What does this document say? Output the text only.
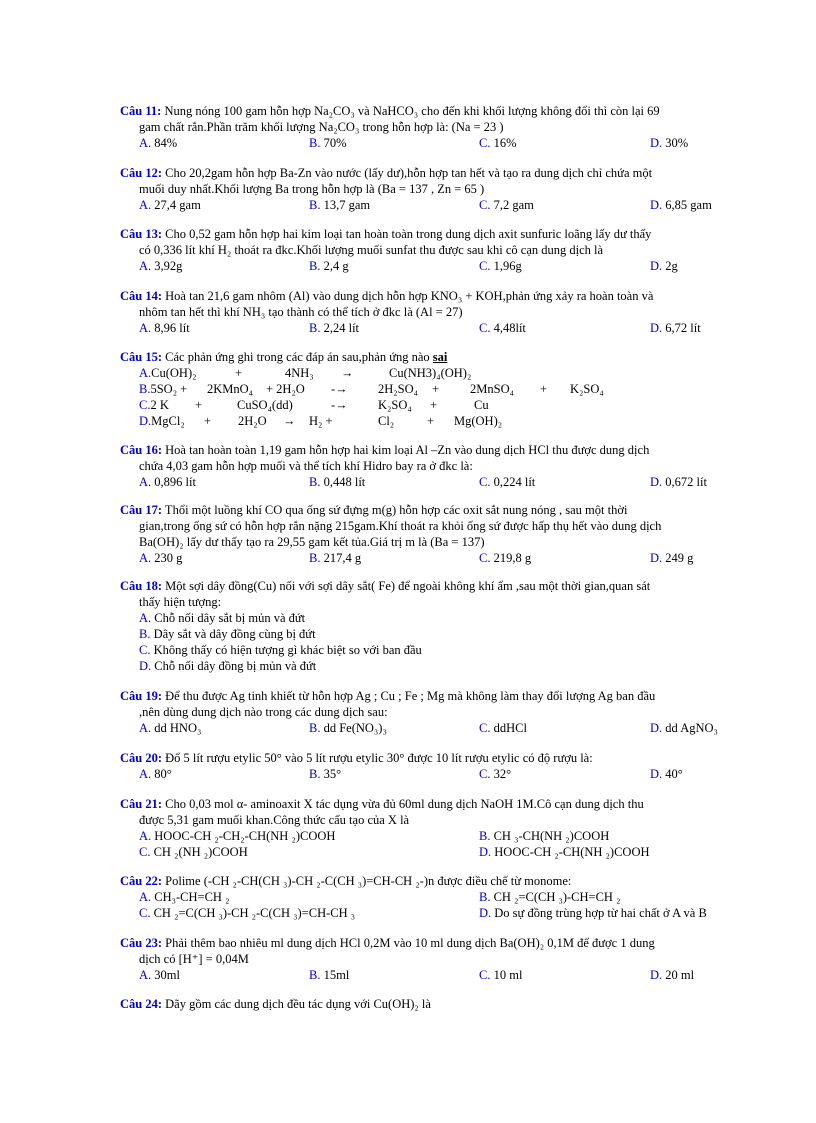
Câu 11: Nung nóng 100 gam hỗn hợp Na₂CO₃ và NaHCO₃ cho đến khi khối lượng không đổi thì còn lại 69
gam chất rắn.Phần trăm khối lượng Na₂CO₃ trong hỗn hợp là: (Na = 23 )
A. 84%	B. 70%	C. 16%	D. 30%
Câu 12: Cho 20,2gam hỗn hợp Ba-Zn vào nước (lấy dư),hỗn hợp tan hết và tạo ra dung dịch chỉ chứa một
muối duy nhất.Khối lượng Ba trong hỗn hợp là (Ba = 137 , Zn = 65 )
A. 27,4 gam	B. 13,7 gam	C. 7,2 gam	D. 6,85 gam
Câu 13: Cho 0,52 gam hỗn hợp hai kim loại tan hoàn toàn trong dung dịch axit sunfuric loãng lấy dư thấy
có 0,336 lít khí H₂ thoát ra đkc.Khối lượng muối sunfat thu được sau khi cô cạn dung dịch là
A. 3,92g	B. 2,4 g	C. 1,96g	D. 2g
Câu 14: Hoà tan 21,6 gam nhôm (Al) vào dung dịch hỗn hợp KNO₃ + KOH,phản ứng xảy ra hoàn toàn và
nhôm tan hết thì khí NH₃ tạo thành có thể tích ở đkc là (Al = 27)
A. 8,96 lít	B. 2,24 lít	C. 4,48lít	D. 6,72 lít
Câu 15: Các phản ứng ghi trong các đáp án sau,phản ứng nào sai
A.Cu(OH)₂	+	4NH₃ →	Cu(NH3)₄(OH)₂
B.5SO₂ + 2KMnO₄ + 2H₂O -→ 2H₂SO₄ + 2MnSO₄ + K₂SO₄
C.2 K +	CuSO₄(dd)	-→ K₂SO₄ +	Cu
D.MgCl₂ + 2H₂O → H₂ +	Cl₂	+ Mg(OH)₂
Câu 16: Hoà tan hoàn toàn 1,19 gam hỗn hợp hai kim loại Al –Zn vào dung dịch HCl thu được dung dịch
chứa 4,03 gam hỗn hợp muối và thể tích khí Hidro bay ra ở đkc là:
A. 0,896 lít	B. 0,448 lít	C. 0,224 lít	D. 0,672 lít
Câu 17: Thổi một luồng khí CO qua ống sứ đựng m(g) hỗn hợp các oxit sắt nung nóng , sau một thời
gian,trong ống sứ có hỗn hợp rắn nặng 215gam.Khí thoát ra khỏi ống sứ được hấp thụ hết vào dung dịch
Ba(OH)₂ lấy dư thấy tạo ra 29,55 gam kết tủa.Giá trị m là (Ba = 137)
A. 230 g	B. 217,4 g	C. 219,8 g	D. 249 g
Câu 18: Một sợi dây đồng(Cu) nối với sợi dây sắt( Fe) để ngoài không khí ẩm ,sau một thời gian,quan sát
thấy hiện tượng:
A. Chỗ nối dây sắt bị mủn và đứt
B. Dây sắt và dây đồng cùng bị đứt
C. Không thấy có hiện tượng gì khác biệt so với ban đầu
D. Chỗ nối dây đồng bị mủn và đứt
Câu 19: Để thu được Ag tinh khiết từ hỗn hợp Ag ; Cu ; Fe ; Mg mà không làm thay đổi lượng Ag ban đầu
,nên dùng dung dịch nào trong các dung dịch sau:
A. dd HNO₃	B. dd Fe(NO₃)₃	C. ddHCl	D. dd AgNO₃
Câu 20: Đổ 5 lít rượu etylic 50° vào 5 lít rượu etylic 30° được 10 lít rượu etylic có độ rượu là:
A. 80°	B. 35°	C. 32°	D. 40°
Câu 21: Cho 0,03 mol α- aminoaxit X tác dụng vừa đủ 60ml dung dịch NaOH 1M.Cô cạn dung dịch thu
được 5,31 gam muối khan.Công thức cấu tạo của X là
A. HOOC-CH ₂-CH₂-CH(NH ₂)COOH	B. CH ₃-CH(NH ₂)COOH
C. CH ₂(NH ₂)COOH	D. HOOC-CH ₂-CH(NH ₂)COOH
Câu 22: Polime (-CH ₂-CH(CH ₃)-CH ₂-C(CH ₃)=CH-CH ₂-)n được điều chế từ monome:
A. CH₃-CH=CH ₂	B. CH ₂=C(CH ₃)-CH=CH ₂
C. CH ₂=C(CH ₃)-CH ₂-C(CH ₃)=CH-CH ₃	D. Do sự đồng trùng hợp từ hai chất ở A và B
Câu 23: Phải thêm bao nhiêu ml dung dịch HCl 0,2M vào 10 ml dung dịch Ba(OH)₂ 0,1M để được 1 dung
dịch có [H⁺] = 0,04M
A. 30ml	B. 15ml	C. 10 ml	D. 20 ml
Câu 24: Dãy gồm các dung dịch đều tác dụng với Cu(OH)₂ là
